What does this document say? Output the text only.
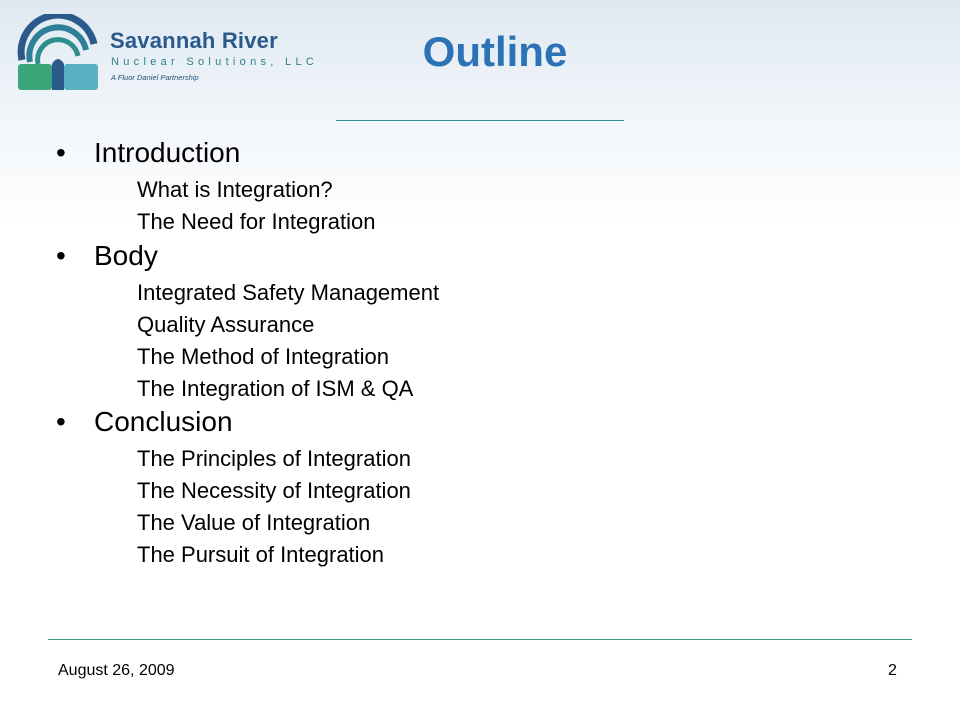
Savannah River
Nuclear Solutions, LLC
A Fluor Daniel Partnership
Outline
• Introduction
What is Integration?
The Need for Integration
• Body
Integrated Safety Management
Quality Assurance
The Method of Integration
The Integration of ISM & QA
• Conclusion
The Principles of Integration
The Necessity of Integration
The Value of Integration
The Pursuit of Integration
August 26, 2009	2
